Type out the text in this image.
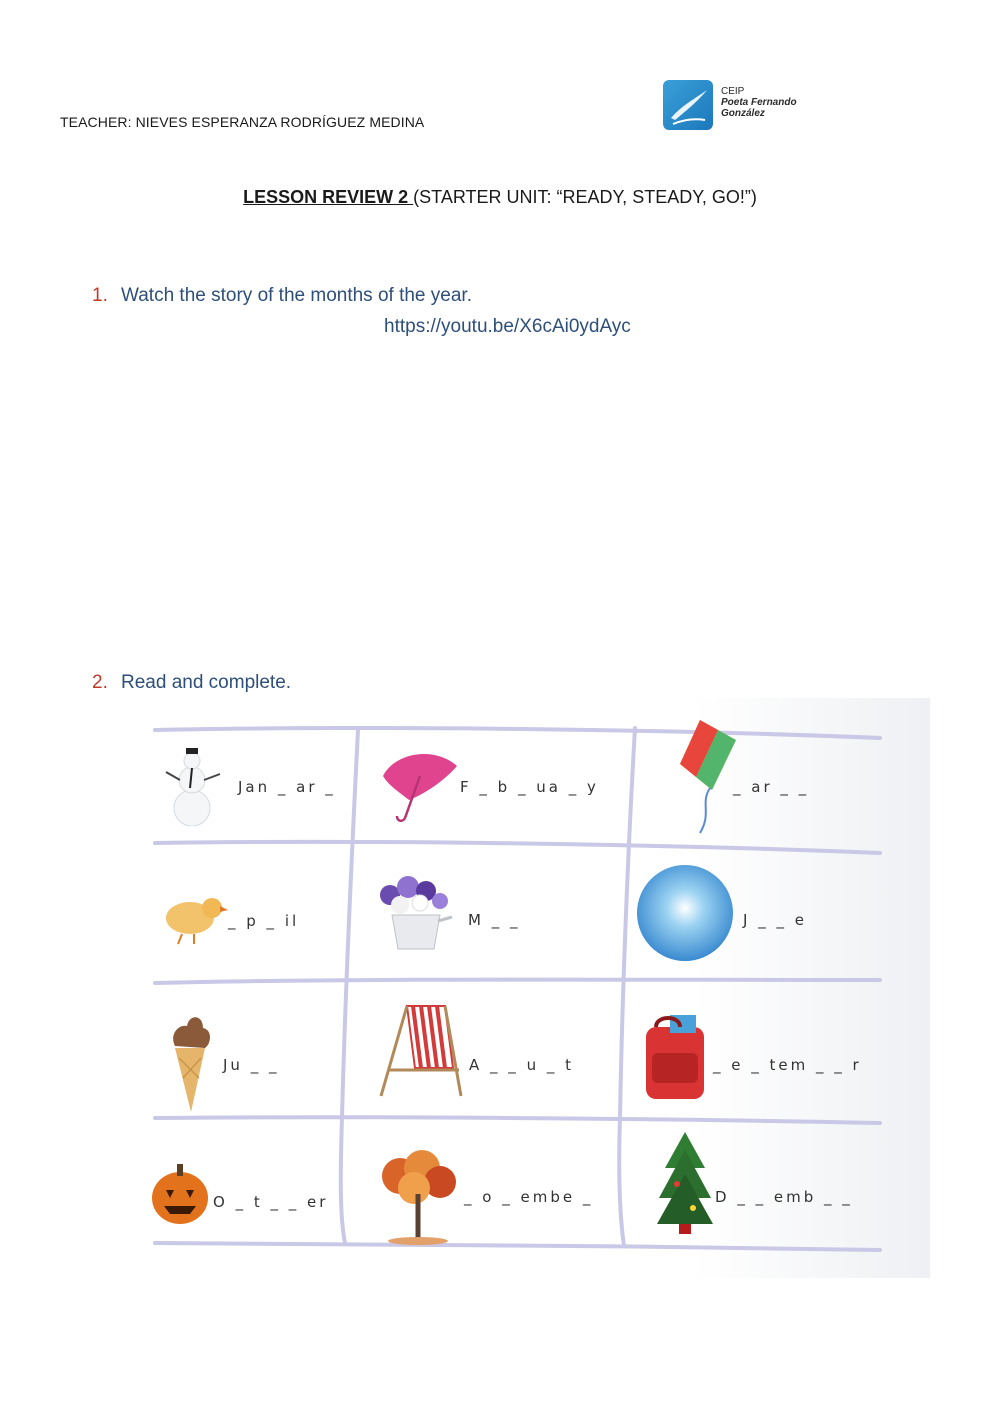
TEACHER: NIEVES ESPERANZA RODRÍGUEZ MEDINA
CEIP
Poeta Fernando
González
LESSON REVIEW 2 (STARTER UNIT: “READY, STEADY, GO!”)
1. Watch the story of the months of the year.
https://youtu.be/X6cAi0ydAyc
2. Read and complete.
Jan _ ar _	F _ b _ ua _ y	_ ar _ _
_ p _ il	M _ _	J _ _ e
Ju _ _	A _ _ u _ t	_ e _ tem _ _ r
O _ t _ _ er	_ o _ embe _	D _ _ emb _ _
